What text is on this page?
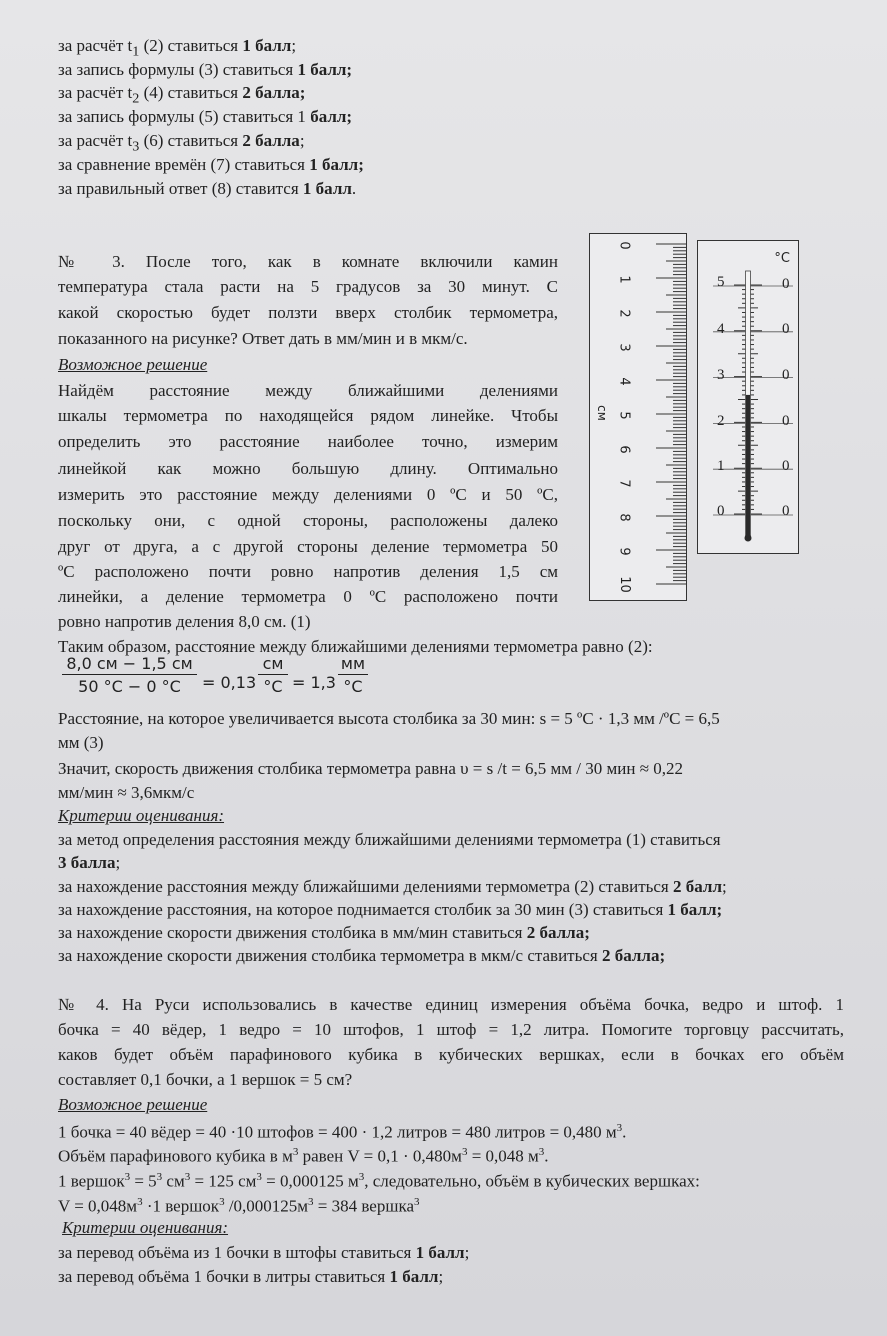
за расчёт $t_1$ (2) ставиться 1 балл;
за запись формулы (3) ставиться 1 балл;
за расчёт $t_2$ (4) ставиться 2 балла;
за запись формулы (5) ставиться 1 балл;
за расчёт $t_3$ (6) ставиться 2 балла;
за сравнение времён (7) ставиться 1 балл;
за правильный ответ (8) ставится 1 балл.
№ 3. После того, как в комнате включили камин
температура стала расти на 5 градусов за 30 минут. С
какой скоростью будет ползти вверх столбик термометра,
показанного на рисунке? Ответ дать в мм/мин и в мкм/с.
Возможное решение
Найдём расстояние между ближайшими делениями
шкалы термометра по находящейся рядом линейке. Чтобы
определить это расстояние наиболее точно, измерим
линейкой как можно большую длину. Оптимально
измерить это расстояние между делениями 0 ºС и 50 ºС,
поскольку они, с одной стороны, расположены далеко
друг от друга, а с другой стороны деление термометра 50
ºС расположено почти ровно напротив деления 1,5 см
линейки, а деление термометра 0 ºС расположено почти
ровно напротив деления 8,0 см. (1)
0
1
2
3
4
5
6
7
8
9
10
см
°С
5
4
3
2
1
0
0
0
0
0
0
0
Таким образом, расстояние между ближайшими делениями термометра равно (2):
8,0 см − 1,5 см
50 °С − 0 °С	= 0,13
см
°С = 1,3
мм
°С
Расстояние, на которое увеличивается высота столбика за 30 мин: s = 5 ºС · 1,3 мм /ºС = 6,5
мм (3)
Значит, скорость движения столбика термометра равна υ = s /t = 6,5 мм / 30 мин ≈ 0,22
мм/мин ≈ 3,6мкм/с
Критерии оценивания:
за метод определения расстояния между ближайшими делениями термометра (1) ставиться
3 балла;
за нахождение расстояния между ближайшими делениями термометра (2) ставиться 2 балл;
за нахождение расстояния, на которое поднимается столбик за 30 мин (3) ставиться 1 балл;
за нахождение скорости движения столбика в мм/мин ставиться 2 балла;
за нахождение скорости движения столбика термометра в мкм/с ставиться 2 балла;
№ 4. На Руси использовались в качестве единиц измерения объёма бочка, ведро и штоф. 1
бочка = 40 вёдер, 1 ведро = 10 штофов, 1 штоф = 1,2 литра. Помогите торговцу рассчитать,
каков будет объём парафинового кубика в кубических вершках, если в бочках его объём
составляет 0,1 бочки, а 1 вершок = 5 см?
Возможное решение
1 бочка = 40 вёдер = 40 ·10 штофов = 400 · 1,2 литров = 480 литров = 0,480 $м^3$.
Объём парафинового кубика в $м^3$ равен $V = 0,1 \cdot 0,480м^3 = 0,048$ $м^3$.
1 вершок$^3$ = $5^3$ $см^3 = 125$ $см^3 = 0,000125$ $м^3$, следовательно, объём в кубических вершках:
$V = 0,048м^3 \cdot 1$ вершок$^3$ $/0,000125м^3 = 384$ вершка$^3$
Критерии оценивания:
за перевод объёма из 1 бочки в штофы ставиться 1 балл;
за перевод объёма 1 бочки в литры ставиться 1 балл;
